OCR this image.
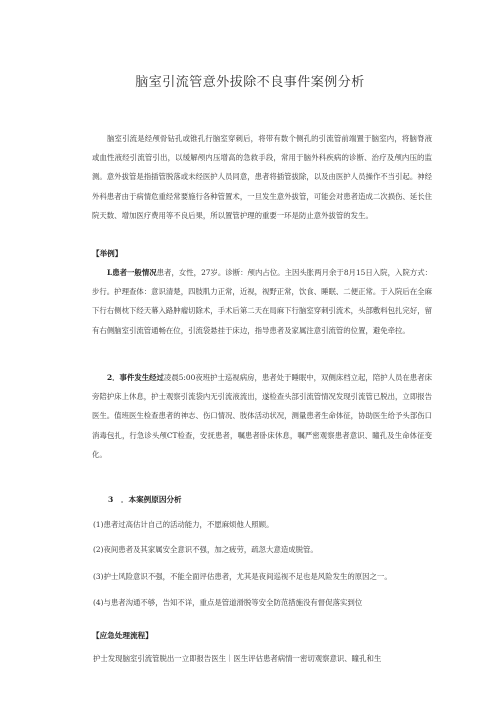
脑室引流管意外拔除不良事件案例分析

脑室引流是经颅骨钻孔或锥孔行脑室穿刺后，将带有数个侧孔的引流管前端置于脑室内，将脑脊液或血性液经引流管引出，以缓解颅内压增高的急救手段，常用于脑外科疾病的诊断、治疗及颅内压的监测。意外拔管是指插管脱落或未经医护人员同意，患者将插管拔除，以及由医护人员操作不当引起。神经外科患者由于病情危重经常要施行各种管置术，一旦发生意外拔管，可能会对患者造成二次损伤、延长住院天数、增加医疗费用等不良后果，所以置管护理的重要一环是防止意外拔管的发生。

【举例】

L患者一般情况患者，女性，27岁。诊断：颅内占位。主因头胀两月余于8月15日入院，入院方式：步行。护理查体：意识清楚，四肢肌力正常，近视，视野正常，饮食、睡眠、二便正常。于入院后在全麻下行右侧枕下经天幕入路肿瘤切除术，手术后第二天在局麻下行脑室穿刺引流术，头部敷料包扎完好，留有右侧脑室引流管通畅在位，引流袋悬挂于床边，指导患者及家属注意引流管的位置，避免牵拉。

2．事件发生经过凌晨5:00夜班护士巡视病房，患者处于睡眠中，双侧床档立起，陪护人员在患者床旁陪护床上休息，护士观察引流袋内无引流液流出，遂检查头部引流管情况发现引流管已脱出，立即报告医生。值班医生检查患者的神志、伤口情况、肢体活动状况，测量患者生命体征，协助医生给予头部伤口消毒包扎，行急诊头颅CT检查，安抚患者，嘱患者卧床休息，嘱严密观察患者意识、瞳孔及生命体征变化。

3　．本案例原因分析
(1)患者过高估计自己的活动能力，不愿麻烦他人照顾。
(2)夜间患者及其家属安全意识不强，加之疲劳，疏忽大意造成脱管。
(3)护士风险意识不强，不能全面评估患者，尤其是夜间巡视不足也是风险发生的原因之一。
(4)与患者沟通不够，告知不详，重点是管道滑脱等安全防范措施没有督促落实到位
【应急处理流程】
护士发现脑室引流管脱出一立即报告医生｜医生评估患者病情一密切观察意识、瞳孔和生
